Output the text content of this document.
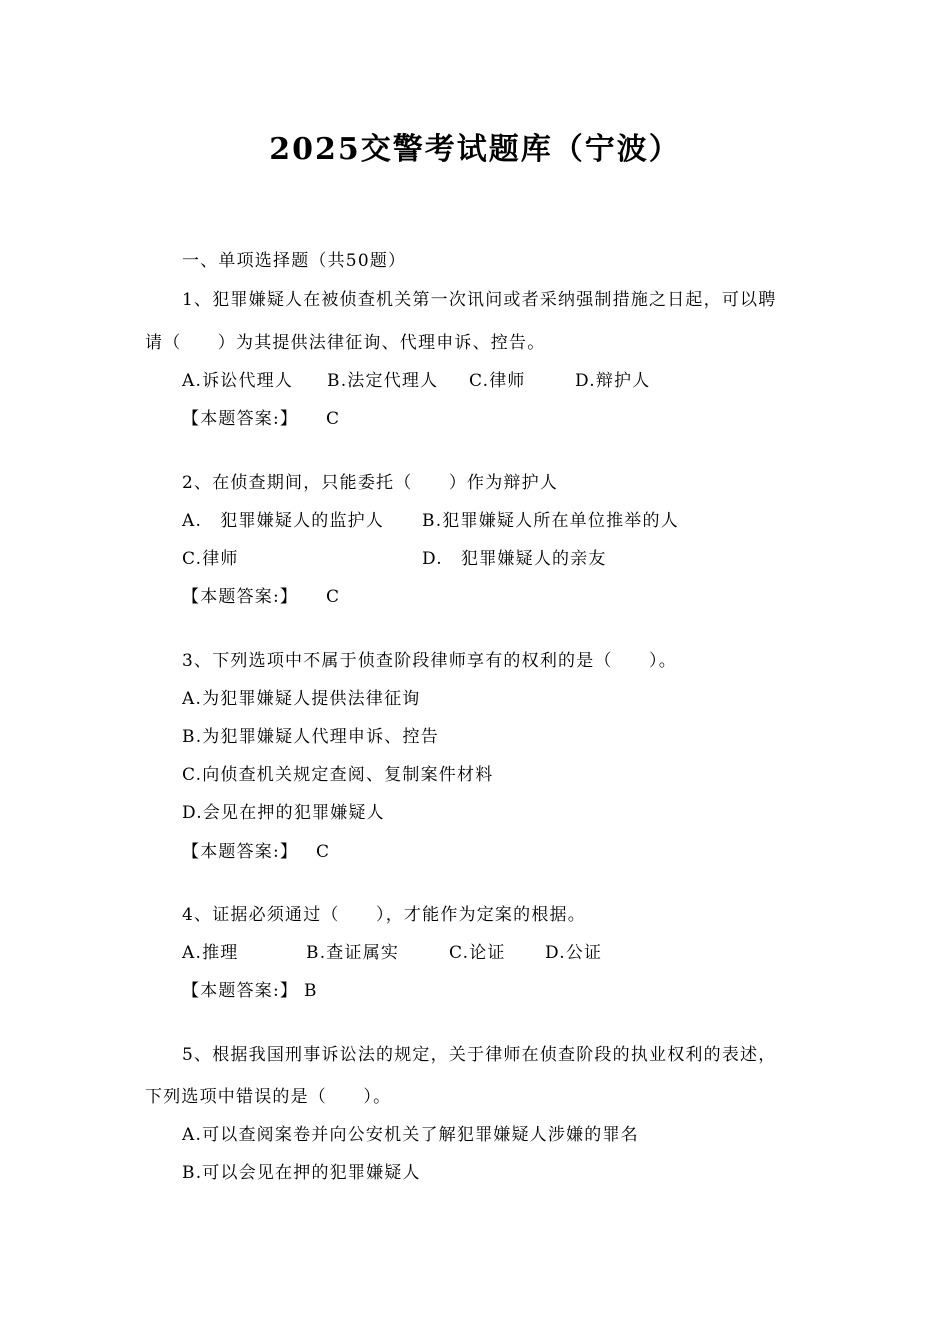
2025交警考试题库（宁波）
一、单项选择题（共50题）
1、犯罪嫌疑人在被侦查机关第一次讯问或者采纳强制措施之日起，可以聘
请（　　）为其提供法律征询、代理申诉、控告。
A.诉讼代理人 B.法定代理人 C.律师	D.辩护人
【本题答案:】 C
2、在侦查期间，只能委托（　　）作为辩护人
A.　犯罪嫌疑人的监护人 B.犯罪嫌疑人所在单位推举的人
C.律师	D.　犯罪嫌疑人的亲友
【本题答案:】 C
3、下列选项中不属于侦查阶段律师享有的权利的是（　　）。
A.为犯罪嫌疑人提供法律征询
B.为犯罪嫌疑人代理申诉、控告
C.向侦查机关规定查阅、复制案件材料
D.会见在押的犯罪嫌疑人
【本题答案:】 C
4、证据必须通过（　　），才能作为定案的根据。
A.推理	B.查证属实	C.论证 D.公证
【本题答案:】 B
5、根据我国刑事诉讼法的规定，关于律师在侦查阶段的执业权利的表述，
下列选项中错误的是（　　）。
A.可以查阅案卷并向公安机关了解犯罪嫌疑人涉嫌的罪名
B.可以会见在押的犯罪嫌疑人
